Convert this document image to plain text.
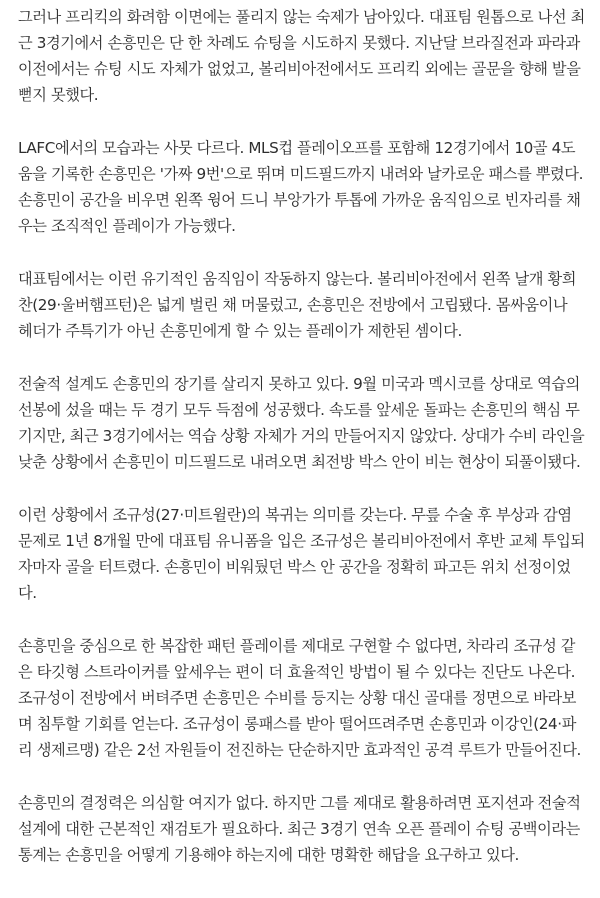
그러나 프리킥의 화려함 이면에는 풀리지 않는 숙제가 남아있다. 대표팀 원톱으로 나선 최
근 3경기에서 손흥민은 단 한 차례도 슈팅을 시도하지 못했다. 지난달 브라질전과 파라과
이전에서는 슈팅 시도 자체가 없었고, 볼리비아전에서도 프리킥 외에는 골문을 향해 발을
뻗지 못했다.

LAFC에서의 모습과는 사뭇 다르다. MLS컵 플레이오프를 포함해 12경기에서 10골 4도
움을 기록한 손흥민은 '가짜 9번'으로 뛰며 미드필드까지 내려와 날카로운 패스를 뿌렸다.
손흥민이 공간을 비우면 왼쪽 윙어 드니 부앙가가 투톱에 가까운 움직임으로 빈자리를 채
우는 조직적인 플레이가 가능했다.

대표팀에서는 이런 유기적인 움직임이 작동하지 않는다. 볼리비아전에서 왼쪽 날개 황희
찬(29·울버햄프턴)은 넓게 벌린 채 머물렀고, 손흥민은 전방에서 고립됐다. 몸싸움이나
헤더가 주특기가 아닌 손흥민에게 할 수 있는 플레이가 제한된 셈이다.

전술적 설계도 손흥민의 장기를 살리지 못하고 있다. 9월 미국과 멕시코를 상대로 역습의
선봉에 섰을 때는 두 경기 모두 득점에 성공했다. 속도를 앞세운 돌파는 손흥민의 핵심 무
기지만, 최근 3경기에서는 역습 상황 자체가 거의 만들어지지 않았다. 상대가 수비 라인을
낮춘 상황에서 손흥민이 미드필드로 내려오면 최전방 박스 안이 비는 현상이 되풀이됐다.

이런 상황에서 조규성(27·미트윌란)의 복귀는 의미를 갖는다. 무릎 수술 후 부상과 감염
문제로 1년 8개월 만에 대표팀 유니폼을 입은 조규성은 볼리비아전에서 후반 교체 투입되
자마자 골을 터트렸다. 손흥민이 비워뒀던 박스 안 공간을 정확히 파고든 위치 선정이었
다.

손흥민을 중심으로 한 복잡한 패턴 플레이를 제대로 구현할 수 없다면, 차라리 조규성 같
은 타깃형 스트라이커를 앞세우는 편이 더 효율적인 방법이 될 수 있다는 진단도 나온다.
조규성이 전방에서 버텨주면 손흥민은 수비를 등지는 상황 대신 골대를 정면으로 바라보
며 침투할 기회를 얻는다. 조규성이 롱패스를 받아 떨어뜨려주면 손흥민과 이강인(24·파
리 생제르맹) 같은 2선 자원들이 전진하는 단순하지만 효과적인 공격 루트가 만들어진다.

손흥민의 결정력은 의심할 여지가 없다. 하지만 그를 제대로 활용하려면 포지션과 전술적
설계에 대한 근본적인 재검토가 필요하다. 최근 3경기 연속 오픈 플레이 슈팅 공백이라는
통계는 손흥민을 어떻게 기용해야 하는지에 대한 명확한 해답을 요구하고 있다.
